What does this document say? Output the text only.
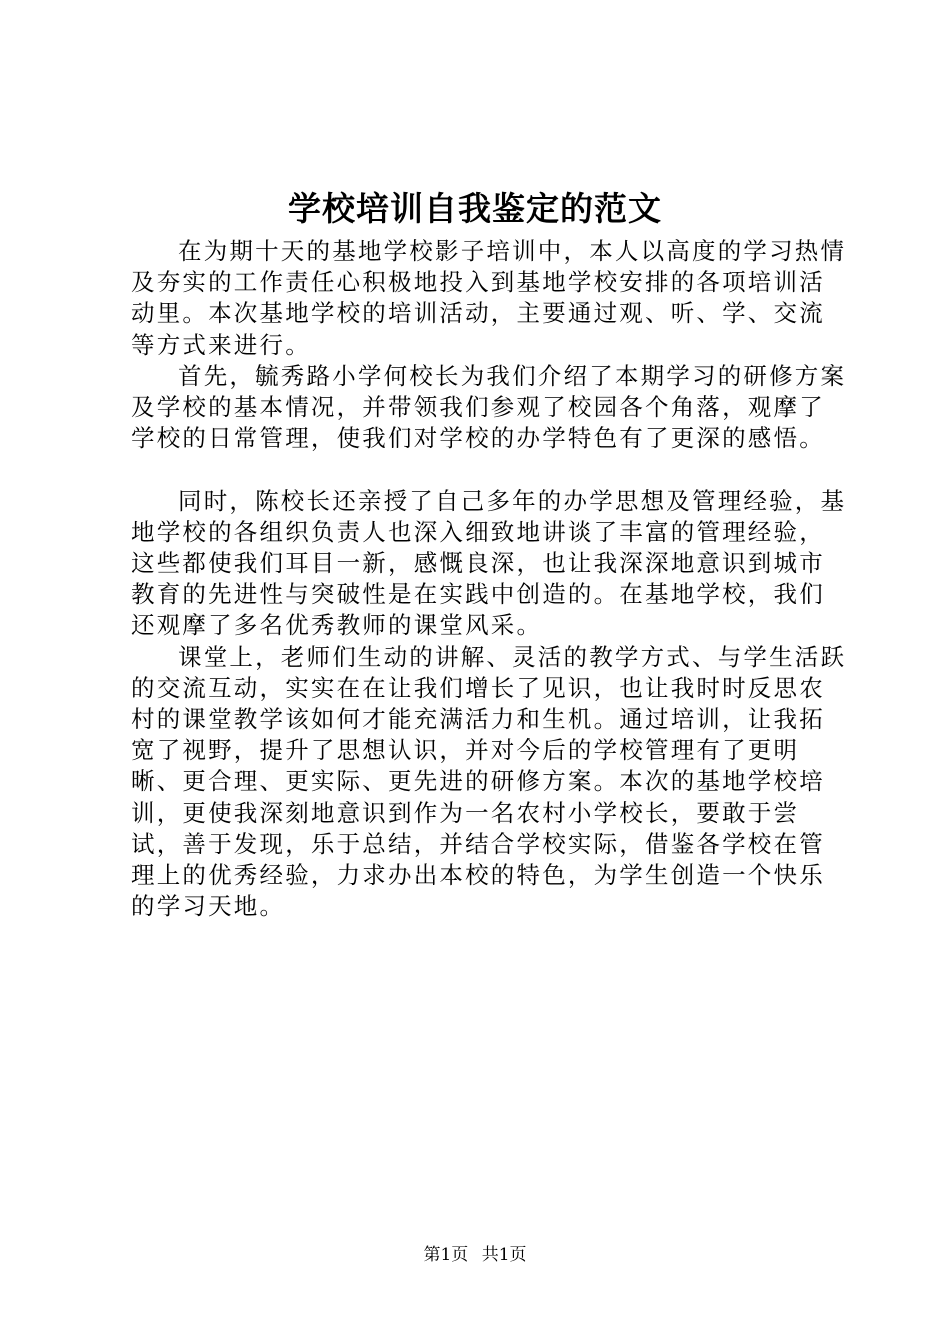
学校培训自我鉴定的范文

在为期十天的基地学校影子培训中，本人以高度的学习热情及夯实的工作责任心积极地投入到基地学校安排的各项培训活动里。本次基地学校的培训活动，主要通过观、听、学、交流等方式来进行。

首先，毓秀路小学何校长为我们介绍了本期学习的研修方案及学校的基本情况，并带领我们参观了校园各个角落，观摩了学校的日常管理，使我们对学校的办学特色有了更深的感悟。

同时，陈校长还亲授了自己多年的办学思想及管理经验，基地学校的各组织负责人也深入细致地讲谈了丰富的管理经验，这些都使我们耳目一新，感慨良深，也让我深深地意识到城市教育的先进性与突破性是在实践中创造的。在基地学校，我们还观摩了多名优秀教师的课堂风采。

课堂上，老师们生动的讲解、灵活的教学方式、与学生活跃的交流互动，实实在在让我们增长了见识，也让我时时反思农村的课堂教学该如何才能充满活力和生机。通过培训，让我拓宽了视野，提升了思想认识，并对今后的学校管理有了更明晰、更合理、更实际、更先进的研修方案。本次的基地学校培训，更使我深刻地意识到作为一名农村小学校长，要敢于尝试，善于发现，乐于总结，并结合学校实际，借鉴各学校在管理上的优秀经验，力求办出本校的特色，为学生创造一个快乐的学习天地。

第1页 共1页
